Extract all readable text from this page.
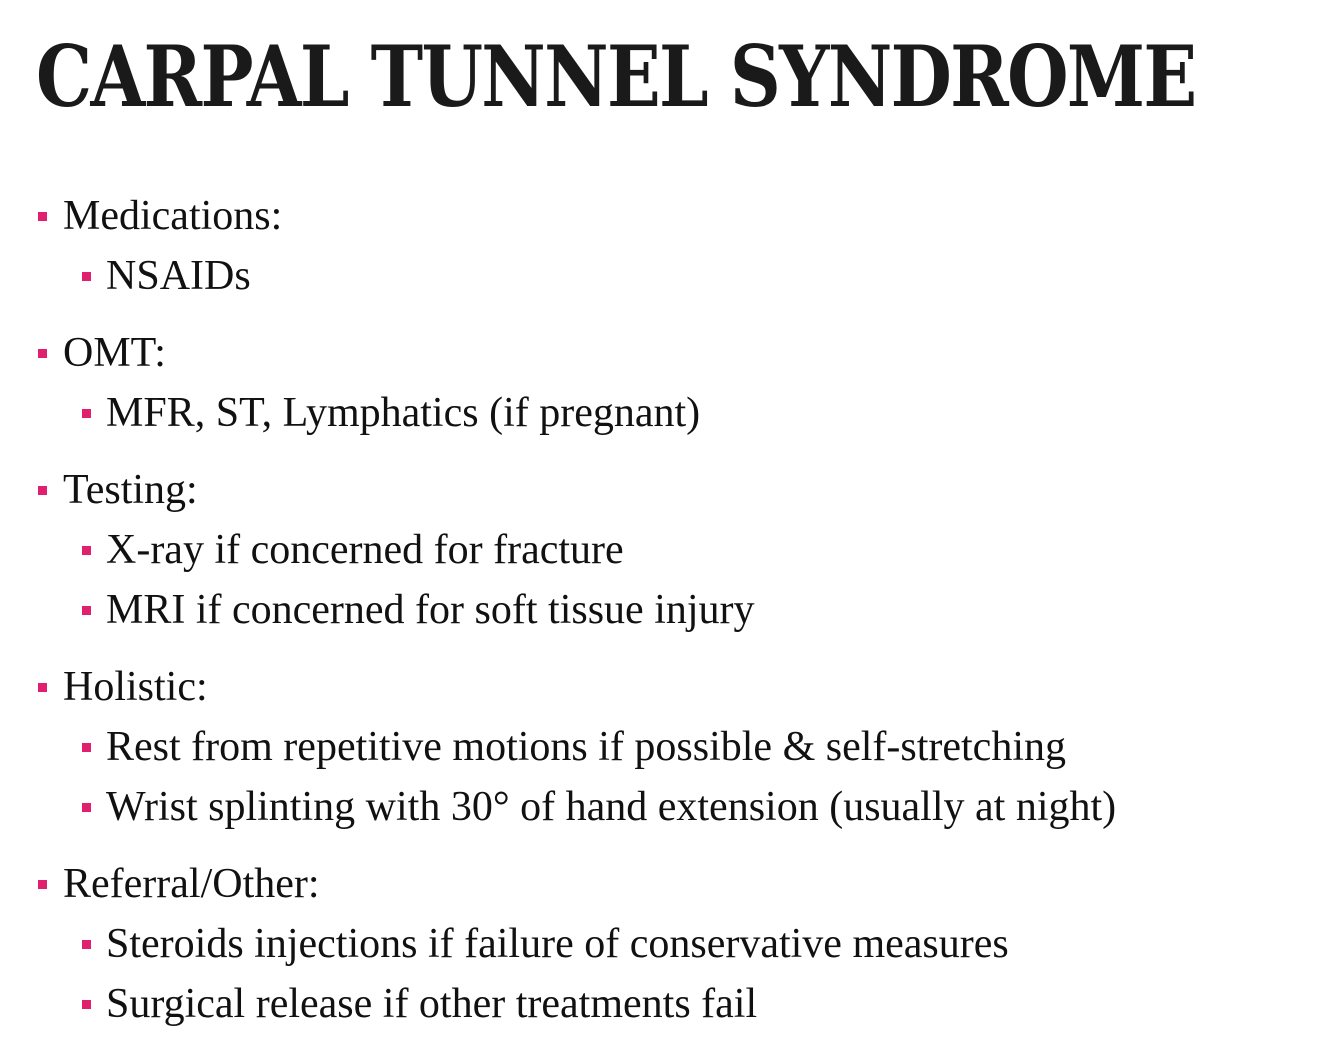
CARPAL TUNNEL SYNDROME
Medications:
NSAIDs
OMT:
MFR, ST, Lymphatics (if pregnant)
Testing:
X-ray if concerned for fracture
MRI if concerned for soft tissue injury
Holistic:
Rest from repetitive motions if possible & self-stretching
Wrist splinting with 30° of hand extension (usually at night)
Referral/Other:
Steroids injections if failure of conservative measures
Surgical release if other treatments fail
